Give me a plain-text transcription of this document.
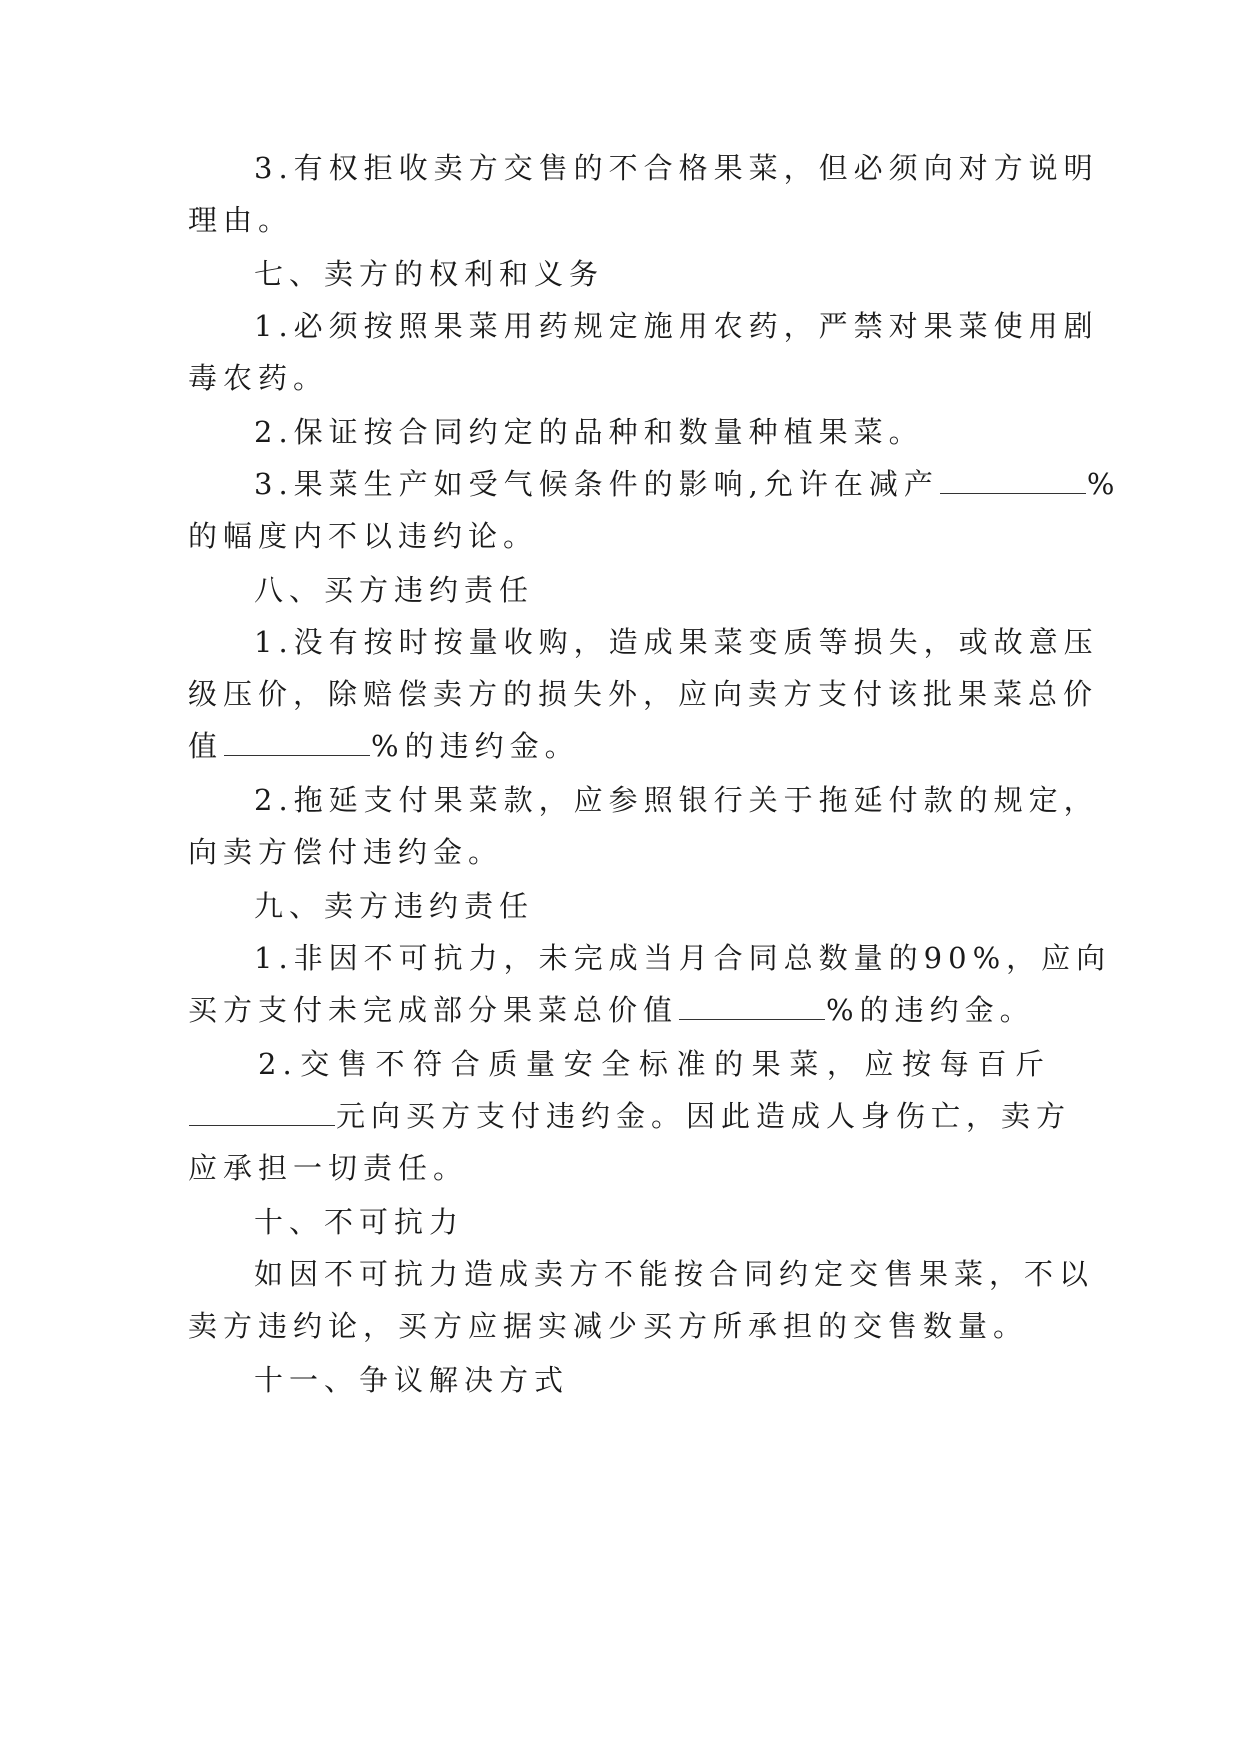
3.有权拒收卖方交售的不合格果菜，但必须向对方说明
理由。
七、卖方的权利和义务
1.必须按照果菜用药规定施用农药，严禁对果菜使用剧
毒农药。
2.保证按合同约定的品种和数量种植果菜。
3.果菜生产如受气候条件的影响,允许在减产	%
的幅度内不以违约论。
八、买方违约责任
1.没有按时按量收购，造成果菜变质等损失，或故意压
级压价，除赔偿卖方的损失外，应向卖方支付该批果菜总价
值	%的违约金。
2.拖延支付果菜款，应参照银行关于拖延付款的规定，
向卖方偿付违约金。
九、卖方违约责任
1.非因不可抗力，未完成当月合同总数量的90%，应向
买方支付未完成部分果菜总价值	%的违约金。
2.交售不符合质量安全标准的果菜，应按每百斤
元向买方支付违约金。因此造成人身伤亡，卖方
应承担一切责任。
十、不可抗力
如因不可抗力造成卖方不能按合同约定交售果菜，不以
卖方违约论，买方应据实减少买方所承担的交售数量。
十一、争议解决方式
